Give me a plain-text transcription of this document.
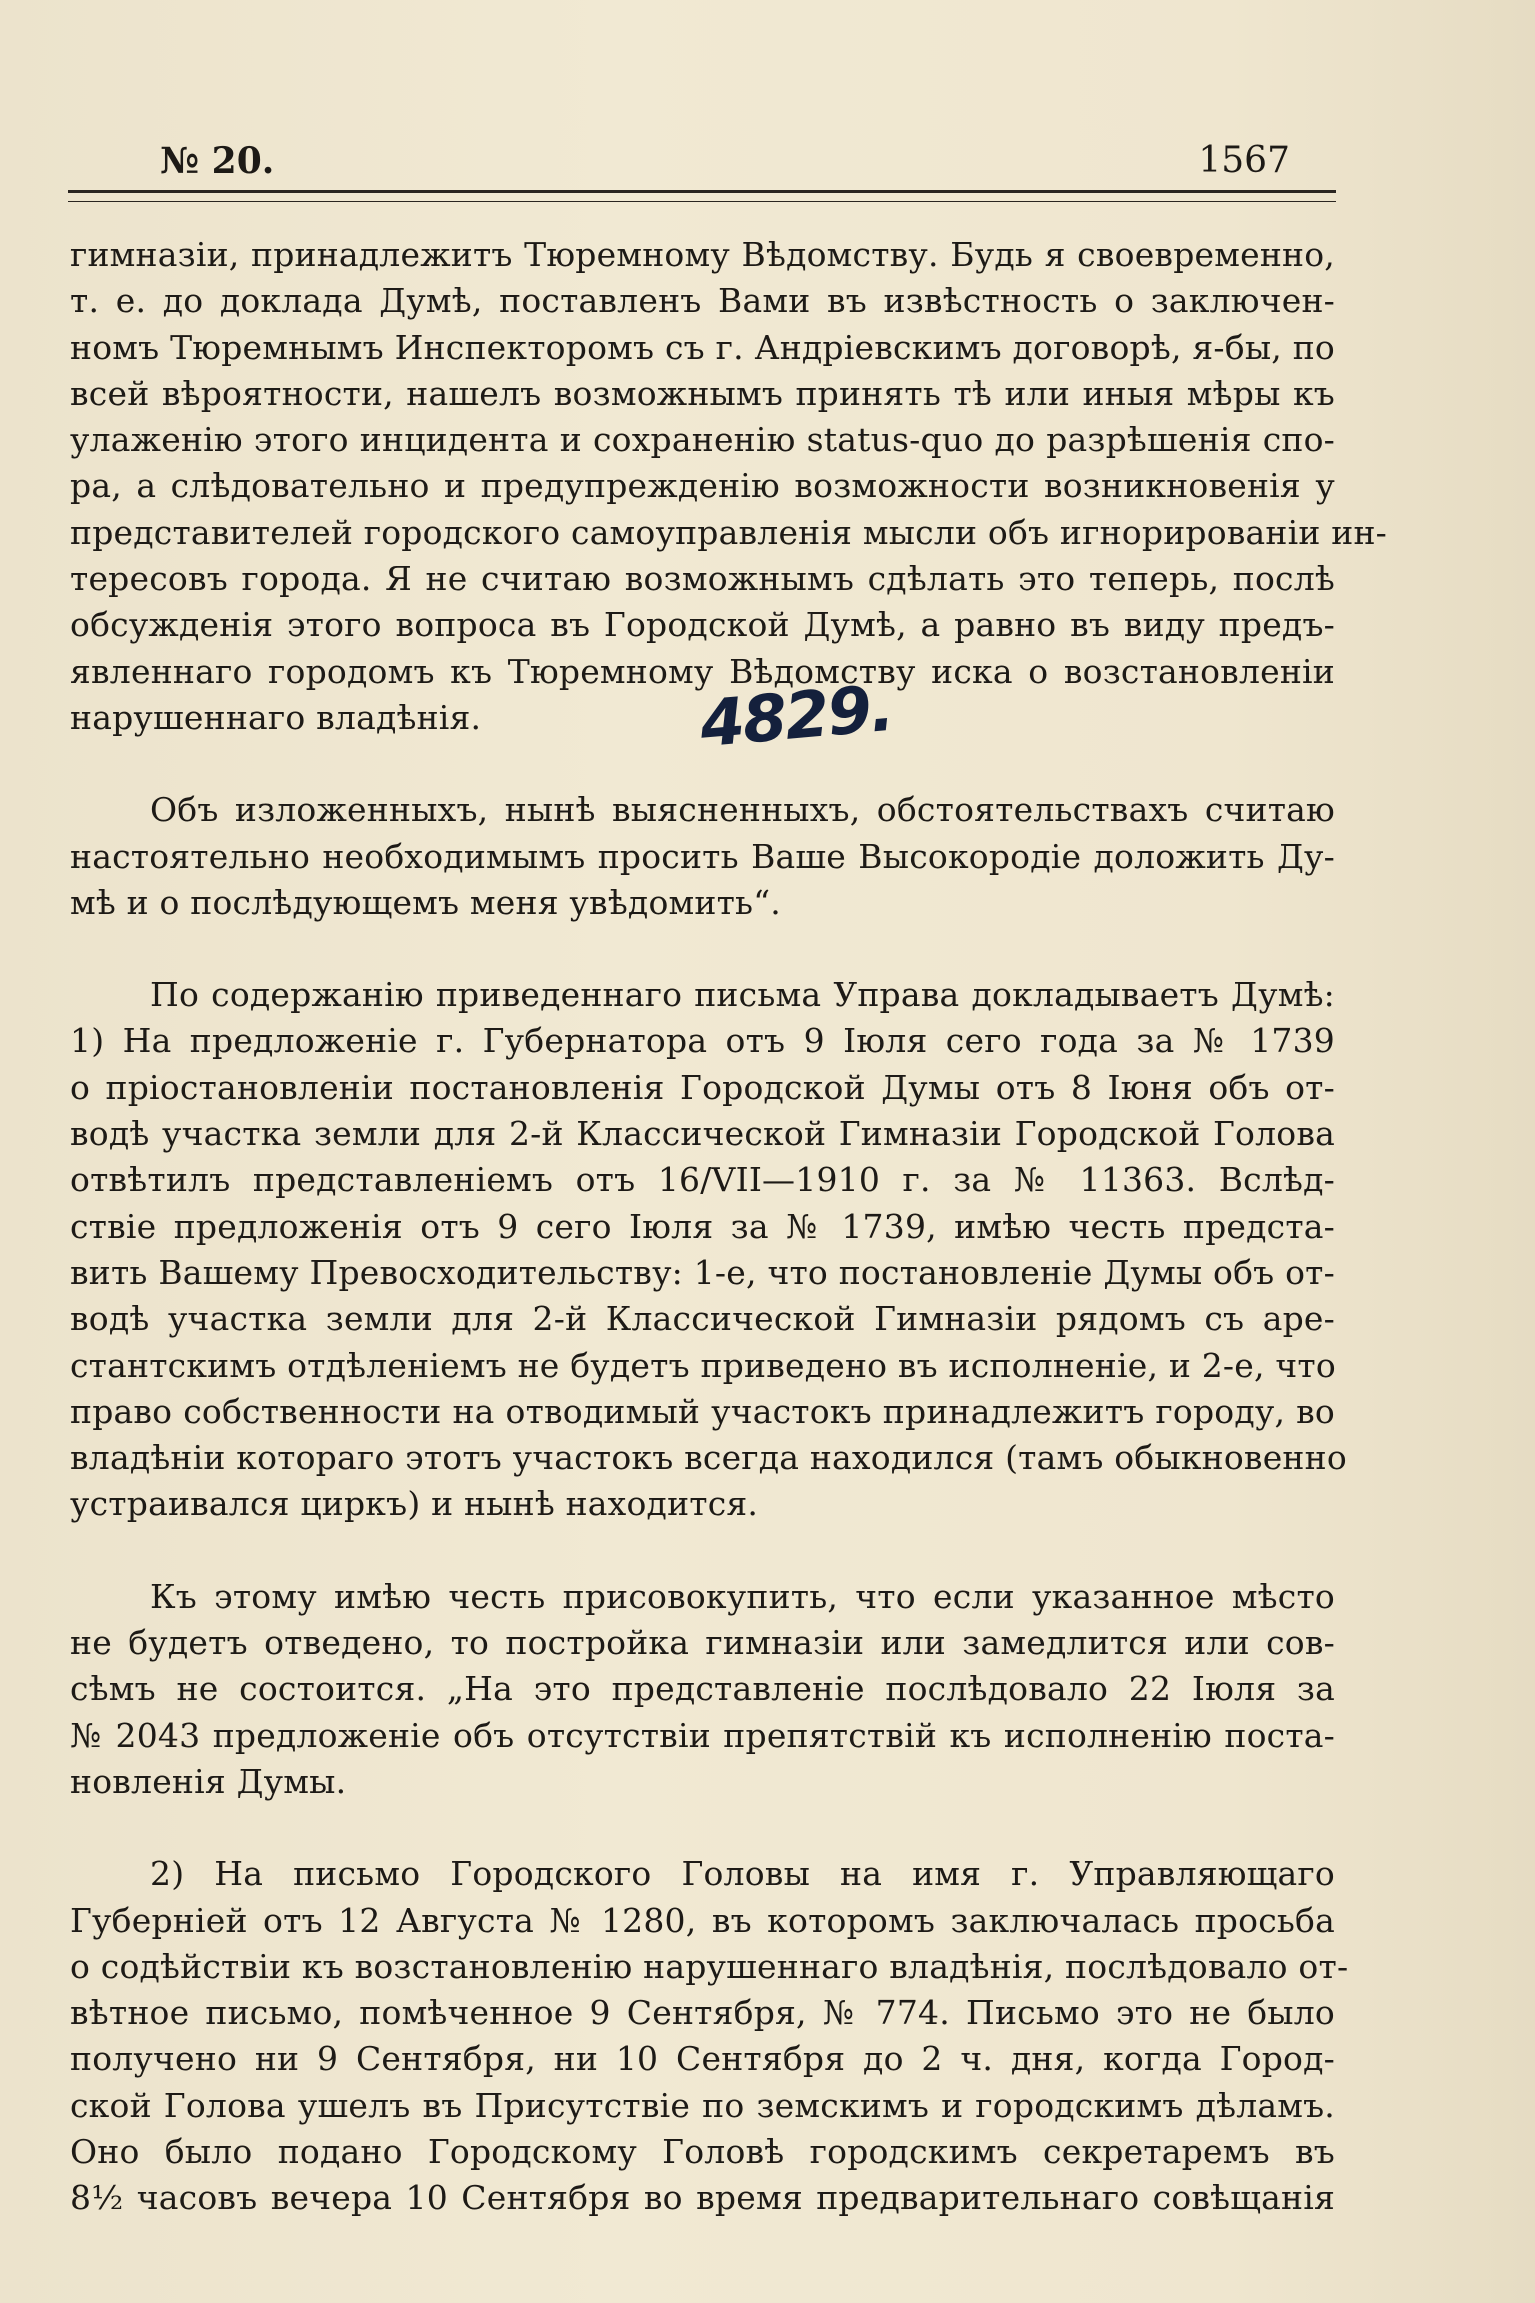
№ 20.	1567
гимназіи, принадлежитъ Тюремному Вѣдомству. Будь я своевременно,
т. е. до доклада Думѣ, поставленъ Вами въ извѣстность о заключен-
номъ Тюремнымъ Инспекторомъ съ г. Андріевскимъ договорѣ, я-бы, по
всей вѣроятности, нашелъ возможнымъ принять тѣ или иныя мѣры къ
улаженію этого инцидента и сохраненію status-quo до разрѣшенія спо-
ра, а слѣдовательно и предупрежденію возможности возникновенія у
представителей городского самоуправленія мысли объ игнорированіи ин-
тересовъ города. Я не считаю возможнымъ сдѣлать это теперь, послѣ
обсужденія этого вопроса въ Городской Думѣ, а равно въ виду предъ-
явленнаго городомъ къ Тюремному Вѣдомству иска о возстановленіи
нарушеннаго владѣнія.
Объ изложенныхъ, нынѣ выясненныхъ, обстоятельствахъ считаю
настоятельно необходимымъ просить Ваше Высокородіе доложить Ду-
мѣ и о послѣдующемъ меня увѣдомить“.
По содержанію приведеннаго письма Управа докладываетъ Думѣ:
1) На предложеніе г. Губернатора отъ 9 Іюля сего года за № 1739
о пріостановленіи постановленія Городской Думы отъ 8 Іюня объ от-
водѣ участка земли для 2-й Классической Гимназіи Городской Голова
отвѣтилъ представленіемъ отъ 16/VII—1910 г. за № 11363. Вслѣд-
ствіе предложенія отъ 9 сего Іюля за № 1739, имѣю честь предста-
вить Вашему Превосходительству: 1-е, что постановленіе Думы объ от-
водѣ участка земли для 2-й Классической Гимназіи рядомъ съ аре-
стантскимъ отдѣленіемъ не будетъ приведено въ исполненіе, и 2-е, что
право собственности на отводимый участокъ принадлежитъ городу, во
владѣніи котораго этотъ участокъ всегда находился (тамъ обыкновенно
устраивался циркъ) и нынѣ находится.
Къ этому имѣю честь присовокупить, что если указанное мѣсто
не будетъ отведено, то постройка гимназіи или замедлится или сов-
сѣмъ не состоится. „На это представленіе послѣдовало 22 Іюля за
№ 2043 предложеніе объ отсутствіи препятствій къ исполненію поста-
новленія Думы.
2) На письмо Городского Головы на имя г. Управляющаго
Губерніей отъ 12 Августа № 1280, въ которомъ заключалась просьба
о содѣйствіи къ возстановленію нарушеннаго владѣнія, послѣдовало от-
вѣтное письмо, помѣченное 9 Сентября, № 774. Письмо это не было
получено ни 9 Сентября, ни 10 Сентября до 2 ч. дня, когда Город-
ской Голова ушелъ въ Присутствіе по земскимъ и городскимъ дѣламъ.
Оно было подано Городскому Головѣ городскимъ секретаремъ въ
8½ часовъ вечера 10 Сентября во время предварительнаго совѣщанія
4829.
